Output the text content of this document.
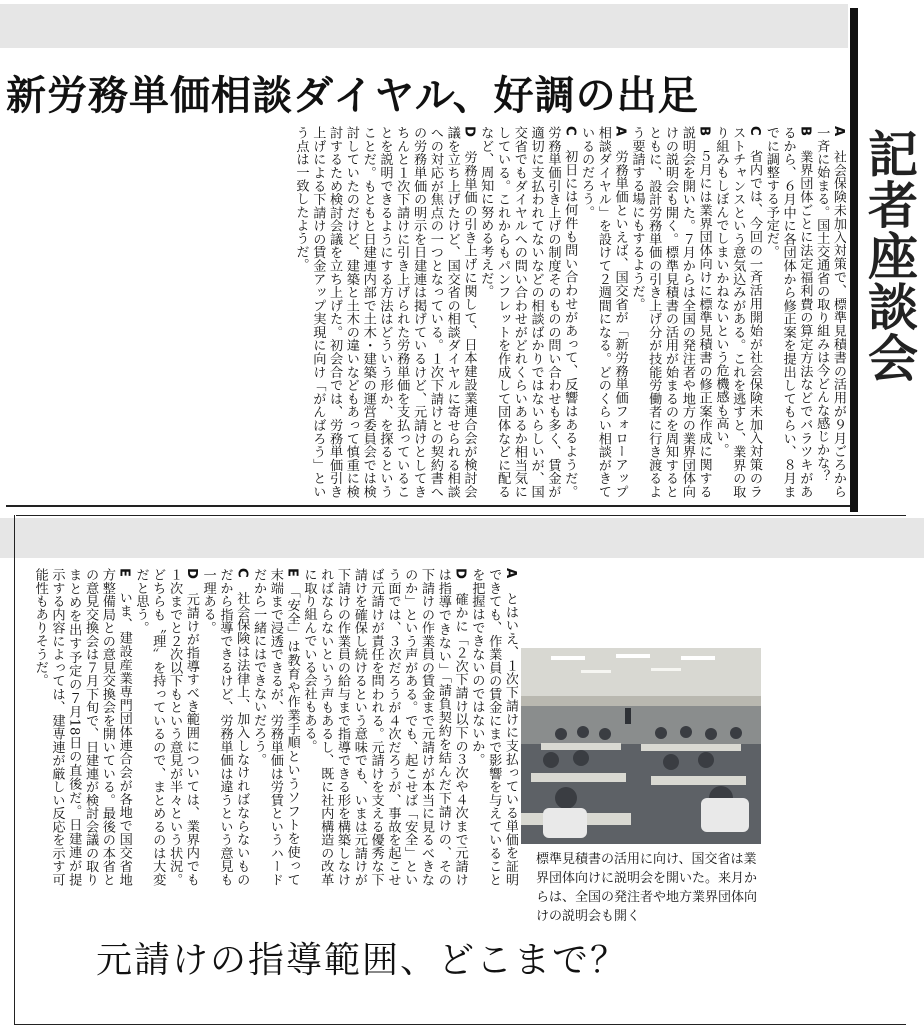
新労務単価相談ダイヤル、好調の出足
記者座談会

A　社会保険未加入対策で、標準見積書の活用が９月ごろから一斉に始まる。国土交通省の取り組みは今どんな感じかな？

B　業界団体ごとに法定福利費の算定方法などでバラツキがあるから、６月中に各団体から修正案を提出してもらい、８月までに調整する予定だ。

C　省内では、今回の一斉活用開始が社会保険未加入対策のラストチャンスという意気込みがある。これを逃すと、業界の取り組みもしぼんでしまいかねないという危機感も高い。

B　５月には業界団体向けに標準見積書の修正案作成に関する説明会を開いた。７月からは全国の発注者や地方の業界団体向けの説明会も開く。標準見積書の活用が始まるのを周知するとともに、設計労務単価の引き上げ分が技能労働者に行き渡るよう要請する場にもするようだ。

A　労務単価といえば、国交省が「新労務単価フォローアップ相談ダイヤル」を設けて２週間になる。どのくらい相談がきているのだろう。

C　初日には何件も問い合わせがあって、反響はあるようだ。労務単価引き上げの制度そのものの問い合わせも多く、賃金が適切に支払われてないなどの相談ばかりではないらしいが、国交省でもダイヤルへの問い合わせがどれくらいあるか相当気にしている。これからもパンフレットを作成して団体などに配るなど、周知に努める考えだ。

D　労務単価の引き上げに関して、日本建設業連合会が検討会議を立ち上げたけど、国交省の相談ダイヤルに寄せられる相談への対応が焦点の一つとなっている。１次下請けとの契約書への労務単価の明示を日建連は掲げているけど、元請けとしてきちんと１次下請けに引き上げられた労務単価を支払っていることを説明できるようにする方法はどういう形か、を探るということだ。もともと日建連内部で土木・建築の運営委員会では検討していたのだけど、建築と土木の違いなどもあって慎重に検討するため検討会議を立ち上げた。初会合では、労務単価引き上げによる下請けの賃金アップ実現に向け「がんばろう」という点は一致したようだ。

A　とはいえ、１次下請けに支払っている単価を証明できても、作業員の賃金にまで影響を与えていることを把握はできないのではないか。

D　確かに「２次下請け以下の３次や４次まで元請けは指導できない」「請負契約を結んだ下請けの、その下請けの作業員の賃金まで元請けが本当に見るべきなのか」という声がある。でも、起こせば「安全」という面では、３次だろうが４次だろうが、事故を起こせば元請けが責任を問われる。元請けを支える優秀な下請けを確保し続けるという意味でも、いまは元請けが下請けの作業員の給与まで指導できる形を構築しなければならないという声もあるし、既に社内構造の改革に取り組んでいる会社もある。

E　「安全」は教育や作業手順というソフトを使って末端まで浸透できるが、労務単価は労賃というハードだから一緒にはできないだろう。

C　社会保険は法律上、加入しなければならないものだから指導できるけど、労務単価は違うという意見も一理ある。

D　元請けが指導すべき範囲については、業界内でも１次までと２次以下もという意見が半々という状況。どちらも〝理〟を持っているので、まとめるのは大変だと思う。

E　いま、建設産業専門団体連合会が各地で国交省地方整備局との意見交換会を開いている。最後の本省との意見交換会は７月下旬で、日建連が検討会議の取りまとめを出す予定の７月18日の直後だ。日建連が提示する内容によっては、建専連が厳しい反応を示す可能性もありそうだ。

標準見積書の活用に向け、国交省は業界団体向けに説明会を開いた。来月からは、全国の発注者や地方業界団体向けの説明会も開く
元請けの指導範囲、どこまで？
